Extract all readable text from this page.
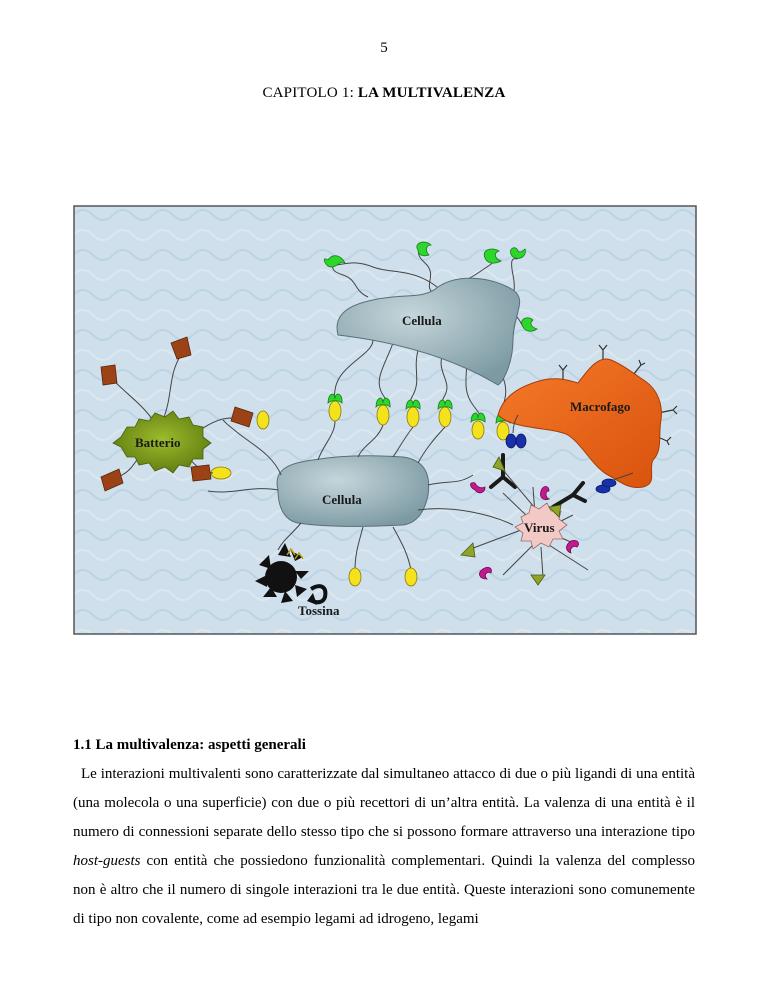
5
CAPITOLO 1: LA MULTIVALENZA
Cellula
Cellula
Batterio
Macrofago
Virus
Tossina
1.1 La multivalenza: aspetti generali
Le interazioni multivalenti sono caratterizzate dal simultaneo attacco di due o più ligandi di una entità (una molecola o una superficie) con due o più recettori di un’altra entità. La valenza di una entità è il numero di connessioni separate dello stesso tipo che si possono formare attraverso una interazione tipo host-guests con entità che possiedono funzionalità complementari. Quindi la valenza del complesso non è altro che il numero di singole interazioni tra le due entità. Queste interazioni sono comunemente di tipo non covalente, come ad esempio legami ad idrogeno, legami
